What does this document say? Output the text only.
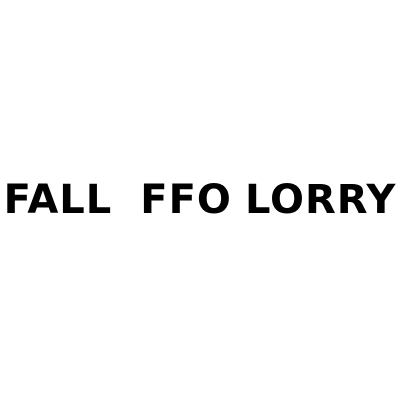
FALL FFO LORRY
